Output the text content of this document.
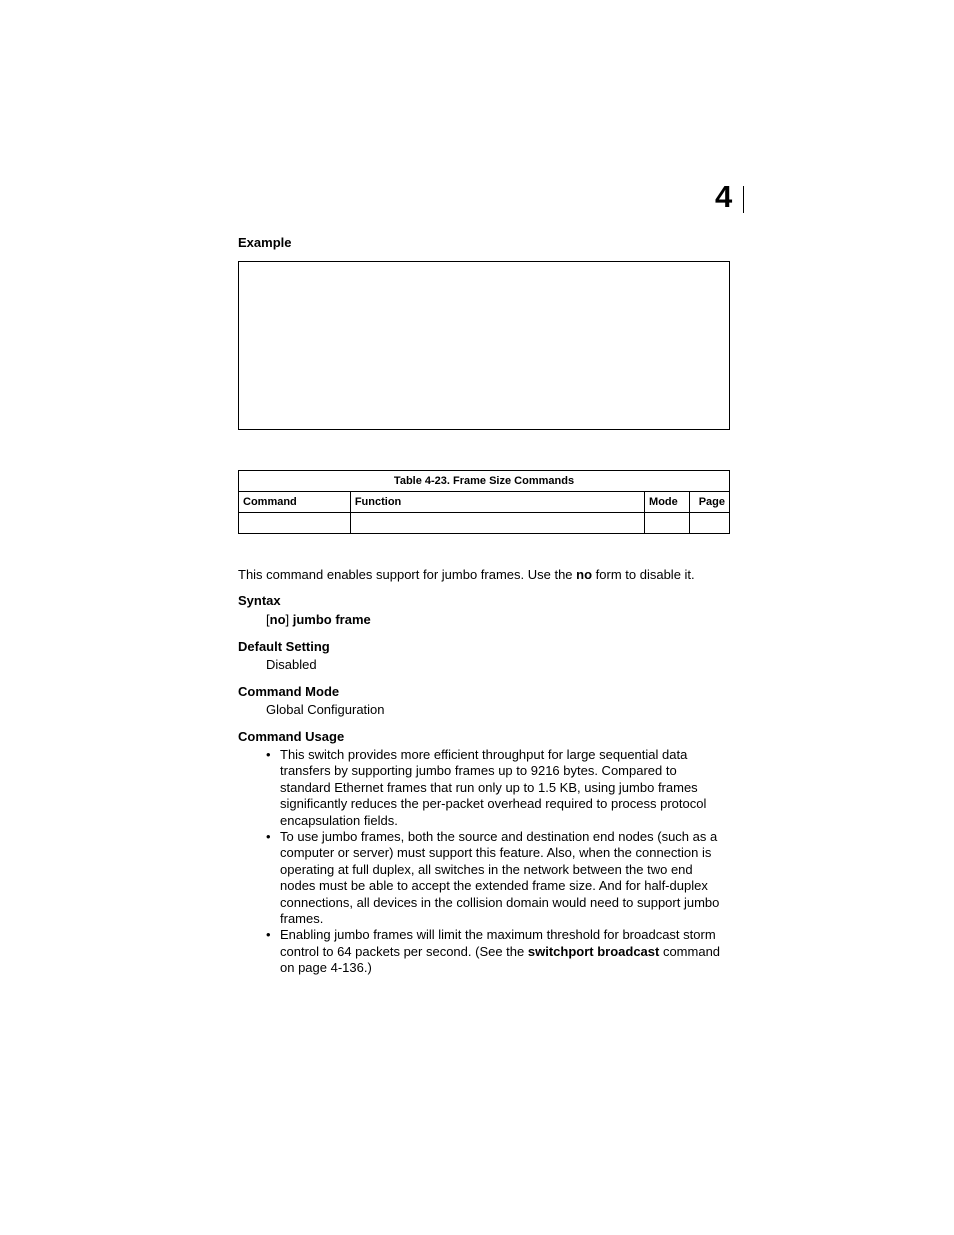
4
Example
Table 4-23. Frame Size Commands			
Command	Function	Mode	Page

This command enables support for jumbo frames. Use the no form to disable it.

Syntax

[no] jumbo frame

Default Setting

Disabled

Command Mode

Global Configuration

Command Usage
• This switch provides more efficient throughput for large sequential data transfers by supporting jumbo frames up to 9216 bytes. Compared to standard Ethernet frames that run only up to 1.5 KB, using jumbo frames significantly reduces the per-packet overhead required to process protocol encapsulation fields.
• To use jumbo frames, both the source and destination end nodes (such as a computer or server) must support this feature. Also, when the connection is operating at full duplex, all switches in the network between the two end nodes must be able to accept the extended frame size. And for half-duplex connections, all devices in the collision domain would need to support jumbo frames.
• Enabling jumbo frames will limit the maximum threshold for broadcast storm control to 64 packets per second. (See the switchport broadcast command on page 4-136.)
